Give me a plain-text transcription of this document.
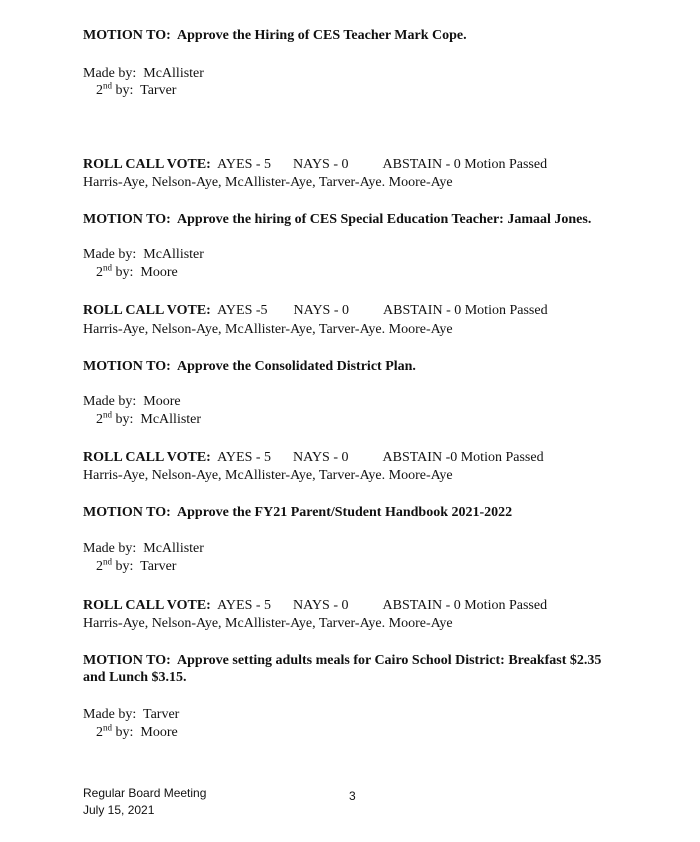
MOTION TO: Approve the Hiring of CES Teacher Mark Cope.
Made by: McAllister
2nd by: Tarver
ROLL CALL VOTE: AYES - 5 NAYS - 0 ABSTAIN - 0 Motion Passed
Harris-Aye, Nelson-Aye, McAllister-Aye, Tarver-Aye. Moore-Aye
MOTION TO: Approve the hiring of CES Special Education Teacher: Jamaal Jones.
Made by: McAllister
2nd by: Moore
ROLL CALL VOTE: AYES -5 NAYS - 0 ABSTAIN - 0 Motion Passed
Harris-Aye, Nelson-Aye, McAllister-Aye, Tarver-Aye. Moore-Aye
MOTION TO: Approve the Consolidated District Plan.
Made by: Moore
2nd by: McAllister
ROLL CALL VOTE: AYES - 5 NAYS - 0 ABSTAIN -0 Motion Passed
Harris-Aye, Nelson-Aye, McAllister-Aye, Tarver-Aye. Moore-Aye
MOTION TO: Approve the FY21 Parent/Student Handbook 2021-2022
Made by: McAllister
2nd by: Tarver
ROLL CALL VOTE: AYES - 5 NAYS - 0 ABSTAIN - 0 Motion Passed
Harris-Aye, Nelson-Aye, McAllister-Aye, Tarver-Aye. Moore-Aye
MOTION TO: Approve setting adults meals for Cairo School District: Breakfast $2.35
and Lunch $3.15.
Made by: Tarver
2nd by: Moore
Regular Board Meeting
July 15, 2021
3
